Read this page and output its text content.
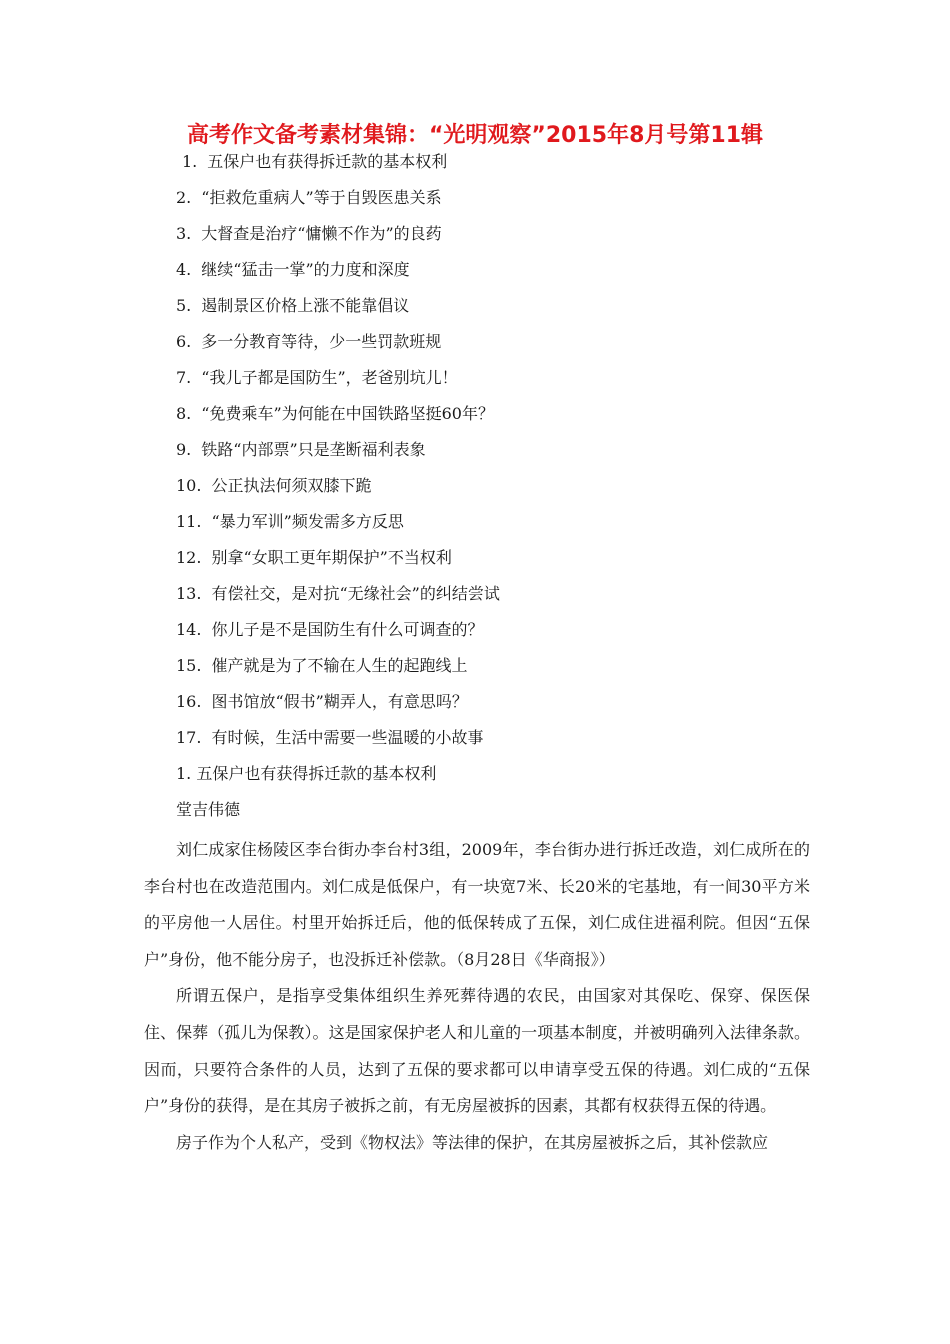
高考作文备考素材集锦：“光明观察”2015年8月号第11辑
1. 五保户也有获得拆迁款的基本权利
2. “拒救危重病人”等于自毁医患关系
3. 大督查是治疗“慵懒不作为”的良药
4. 继续“猛击一掌”的力度和深度
5. 遏制景区价格上涨不能靠倡议
6. 多一分教育等待，少一些罚款班规
7. “我儿子都是国防生”，老爸别坑儿！
8. “免费乘车”为何能在中国铁路坚挺60年？
9. 铁路“内部票”只是垄断福利表象
10. 公正执法何须双膝下跪
11. “暴力军训”频发需多方反思
12. 别拿“女职工更年期保护”不当权利
13. 有偿社交，是对抗“无缘社会”的纠结尝试
14. 你儿子是不是国防生有什么可调查的？
15. 催产就是为了不输在人生的起跑线上
16. 图书馆放“假书”糊弄人，有意思吗？
17. 有时候，生活中需要一些温暖的小故事
1. 五保户也有获得拆迁款的基本权利
堂吉伟德

刘仁成家住杨陵区李台街办李台村3组，2009年，李台街办进行拆迁改造，刘仁成所在的李台村也在改造范围内。刘仁成是低保户，有一块宽7米、长20米的宅基地，有一间30平方米的平房他一人居住。村里开始拆迁后，他的低保转成了五保，刘仁成住进福利院。但因“五保户”身份，他不能分房子，也没拆迁补偿款。（8月28日《华商报》）

所谓五保户，是指享受集体组织生养死葬待遇的农民，由国家对其保吃、保穿、保医保住、保葬（孤儿为保教）。这是国家保护老人和儿童的一项基本制度，并被明确列入法律条款。因而，只要符合条件的人员，达到了五保的要求都可以申请享受五保的待遇。刘仁成的“五保户”身份的获得，是在其房子被拆之前，有无房屋被拆的因素，其都有权获得五保的待遇。

房子作为个人私产，受到《物权法》等法律的保护，在其房屋被拆之后，其补偿款应
